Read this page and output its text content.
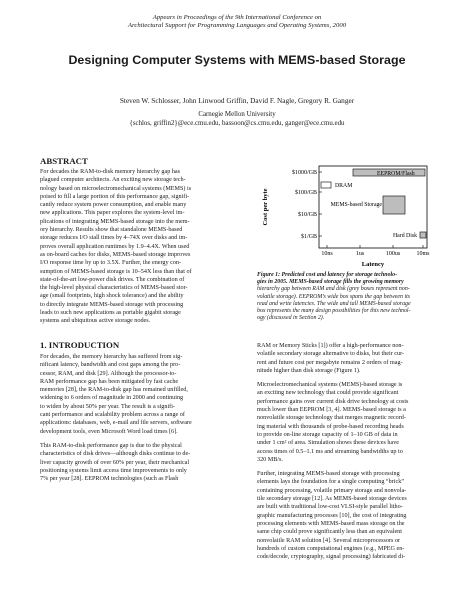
Appears in Proceedings of the 9th International Conference on
Architectural Support for Programming Languages and Operating Systems, 2000
Designing Computer Systems with MEMS-based Storage
Steven W. Schlosser, John Linwood Griffin, David F. Nagle, Gregory R. Ganger
Carnegie Mellon University
{schlos, griffin2}@ece.cmu.edu, bassoon@cs.cmu.edu, ganger@ece.cmu.edu
ABSTRACT
For decades the RAM-to-disk memory hierarchy gap has
plagued computer architects. An exciting new storage tech-
nology based on microelectromechanical systems (MEMS) is
poised to fill a large portion of this performance gap, signifi-
cantly reduce system power consumption, and enable many
new applications. This paper explores the system-level im-
plications of integrating MEMS-based storage into the mem-
ory hierarchy. Results show that standalone MEMS-based
storage reduces I/O stall times by 4–74X over disks and im-
proves overall application runtimes by 1.9–4.4X. When used
as on-board caches for disks, MEMS-based storage improves
I/O response time by up to 3.5X. Further, the energy con-
sumption of MEMS-based storage is 10–54X less than that of
state-of-the-art low-power disk drives. The combination of
the high-level physical characteristics of MEMS-based stor-
age (small footprints, high shock tolerance) and the ability
to directly integrate MEMS-based storage with processing
leads to such new applications as portable gigabit storage
systems and ubiquitous active storage nodes.
1. INTRODUCTION
For decades, the memory hierarchy has suffered from sig-
nificant latency, bandwidth and cost gaps among the pro-
cessor, RAM, and disk [29]. Although the processor-to-
RAM performance gap has been mitigated by fast cache
memories [28], the RAM-to-disk gap has remained unfilled,
widening to 6 orders of magnitude in 2000 and continuing
to widen by about 50% per year. The result is a signifi-
cant performance and scalability problem across a range of
applications: databases, web, e-mail and file servers, software
development tools, even Microsoft Word load times [6].
This RAM-to-disk performance gap is due to the physical
characteristics of disk drives—although disks continue to de-
liver capacity growth of over 60% per year, their mechanical
positioning systems limit access time improvements to only
7% per year [28]. EEPROM technologies (such as Flash
$1000/GB
$100/GB
$10/GB
$1/GB
10ns	1us	100us	10ms
DRAM
EEPROM/Flash
MEMS-based Storage
Hard Disk
Cost per byte
Latency
Figure 1: Predicted cost and latency for storage technolo-
gies in 2005. MEMS-based storage fills the growing memory
hierarchy gap between RAM and disk (grey boxes represent non-
volatile storage). EEPROM’s wide box spans the gap between its
read and write latencies. The wide and tall MEMS-based storage
box represents the many design possibilities for this new technol-
ogy (discussed in Section 2).
RAM or Memory Sticks [1]) offer a high-performance non-
volatile secondary storage alternative to disks, but their cur-
rent and future cost per megabyte remains 2 orders of mag-
nitude higher than disk storage (Figure 1).
Microelectromechanical systems (MEMS)-based storage is
an exciting new technology that could provide significant
performance gains over current disk drive technology at costs
much lower than EEPROM [3, 4]. MEMS-based storage is a
nonvolatile storage technology that merges magnetic record-
ing material with thousands of probe-based recording heads
to provide on-line storage capacity of 1–10 GB of data in
under 1 cm² of area. Simulation shows these devices have
access times of 0.5–1.1 ms and streaming bandwidths up to
320 MB/s.
Further, integrating MEMS-based storage with processing
elements lays the foundation for a single computing “brick”
containing processing, volatile primary storage and nonvola-
tile secondary storage [12]. As MEMS-based storage devices
are built with traditional low-cost VLSI-style parallel litho-
graphic manufacturing processes [10], the cost of integrating
processing elements with MEMS-based mass storage on the
same chip could prove significantly less than an equivalent
nonvolatile RAM solution [4]. Several microprocessors or
hundreds of custom computational engines (e.g., MPEG en-
code/decode, cryptography, signal processing) fabricated di-
